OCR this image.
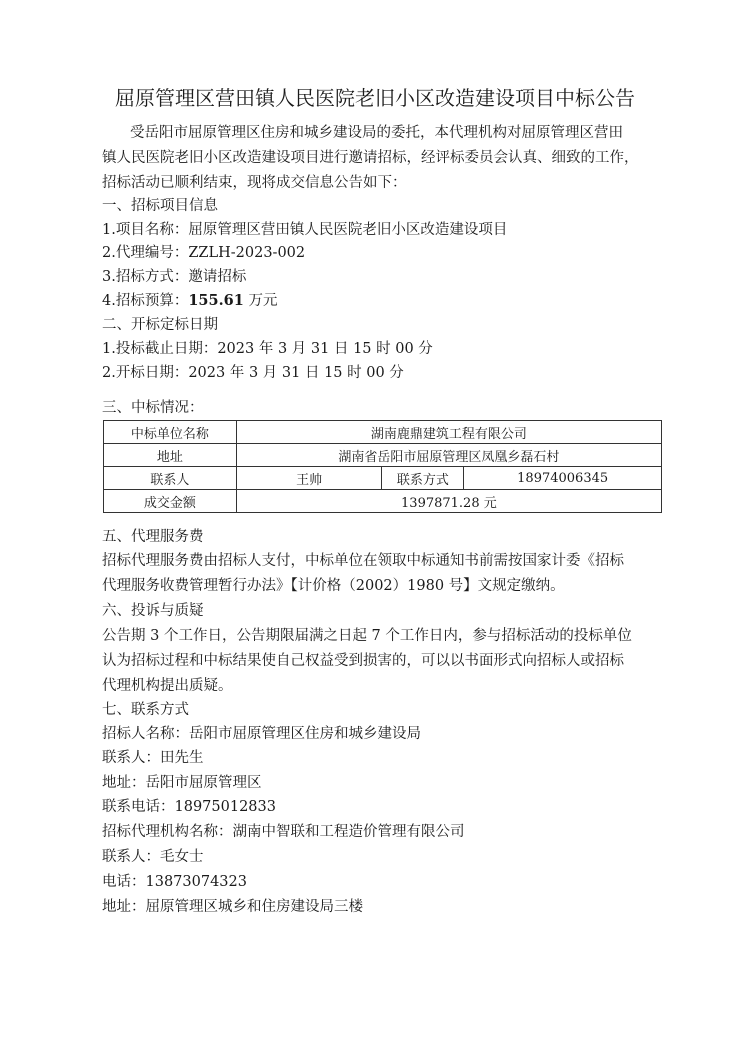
屈原管理区营田镇人民医院老旧小区改造建设项目中标公告
受岳阳市屈原管理区住房和城乡建设局的委托，本代理机构对屈原管理区营田
镇人民医院老旧小区改造建设项目进行邀请招标，经评标委员会认真、细致的工作，
招标活动已顺利结束，现将成交信息公告如下：
一、招标项目信息
1.项目名称：屈原管理区营田镇人民医院老旧小区改造建设项目
2.代理编号：ZZLH-2023-002
3.招标方式：邀请招标
4.招标预算：155.61 万元
二、开标定标日期
1.投标截止日期：2023 年 3 月 31 日 15 时 00 分
2.开标日期：2023 年 3 月 31 日 15 时 00 分
三、中标情况：
中标单位名称	湖南鹿鼎建筑工程有限公司		
地址	湖南省岳阳市屈原管理区凤凰乡磊石村		
联系人	王帅	联系方式	18974006345
成交金额	1397871.28 元		
五、代理服务费
招标代理服务费由招标人支付，中标单位在领取中标通知书前需按国家计委《招标
代理服务收费管理暂行办法》【计价格（2002）1980 号】文规定缴纳。
六、投诉与质疑
公告期 3 个工作日，公告期限届满之日起 7 个工作日内，参与招标活动的投标单位
认为招标过程和中标结果使自己权益受到损害的，可以以书面形式向招标人或招标
代理机构提出质疑。
七、联系方式
招标人名称：岳阳市屈原管理区住房和城乡建设局
联系人：田先生
地址：岳阳市屈原管理区
联系电话：18975012833
招标代理机构名称：湖南中智联和工程造价管理有限公司
联系人：毛女士
电话：13873074323
地址：屈原管理区城乡和住房建设局三楼
